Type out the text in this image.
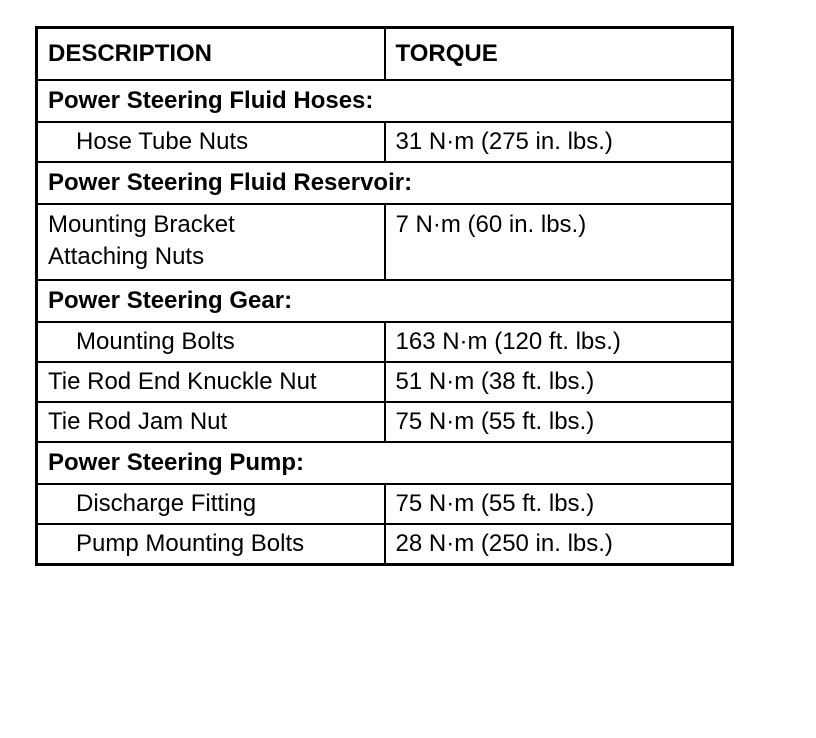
DESCRIPTION	TORQUE
Power Steering Fluid Hoses:	
Hose Tube Nuts	31 N·m (275 in. lbs.)
Power Steering Fluid Reservoir:	
Mounting Bracket
Attaching Nuts	7 N·m (60 in. lbs.)
Power Steering Gear:	
Mounting Bolts	163 N·m (120 ft. lbs.)
Tie Rod End Knuckle Nut	51 N·m (38 ft. lbs.)
Tie Rod Jam Nut	75 N·m (55 ft. lbs.)
Power Steering Pump:	
Discharge Fitting	75 N·m (55 ft. lbs.)
Pump Mounting Bolts	28 N·m (250 in. lbs.)
